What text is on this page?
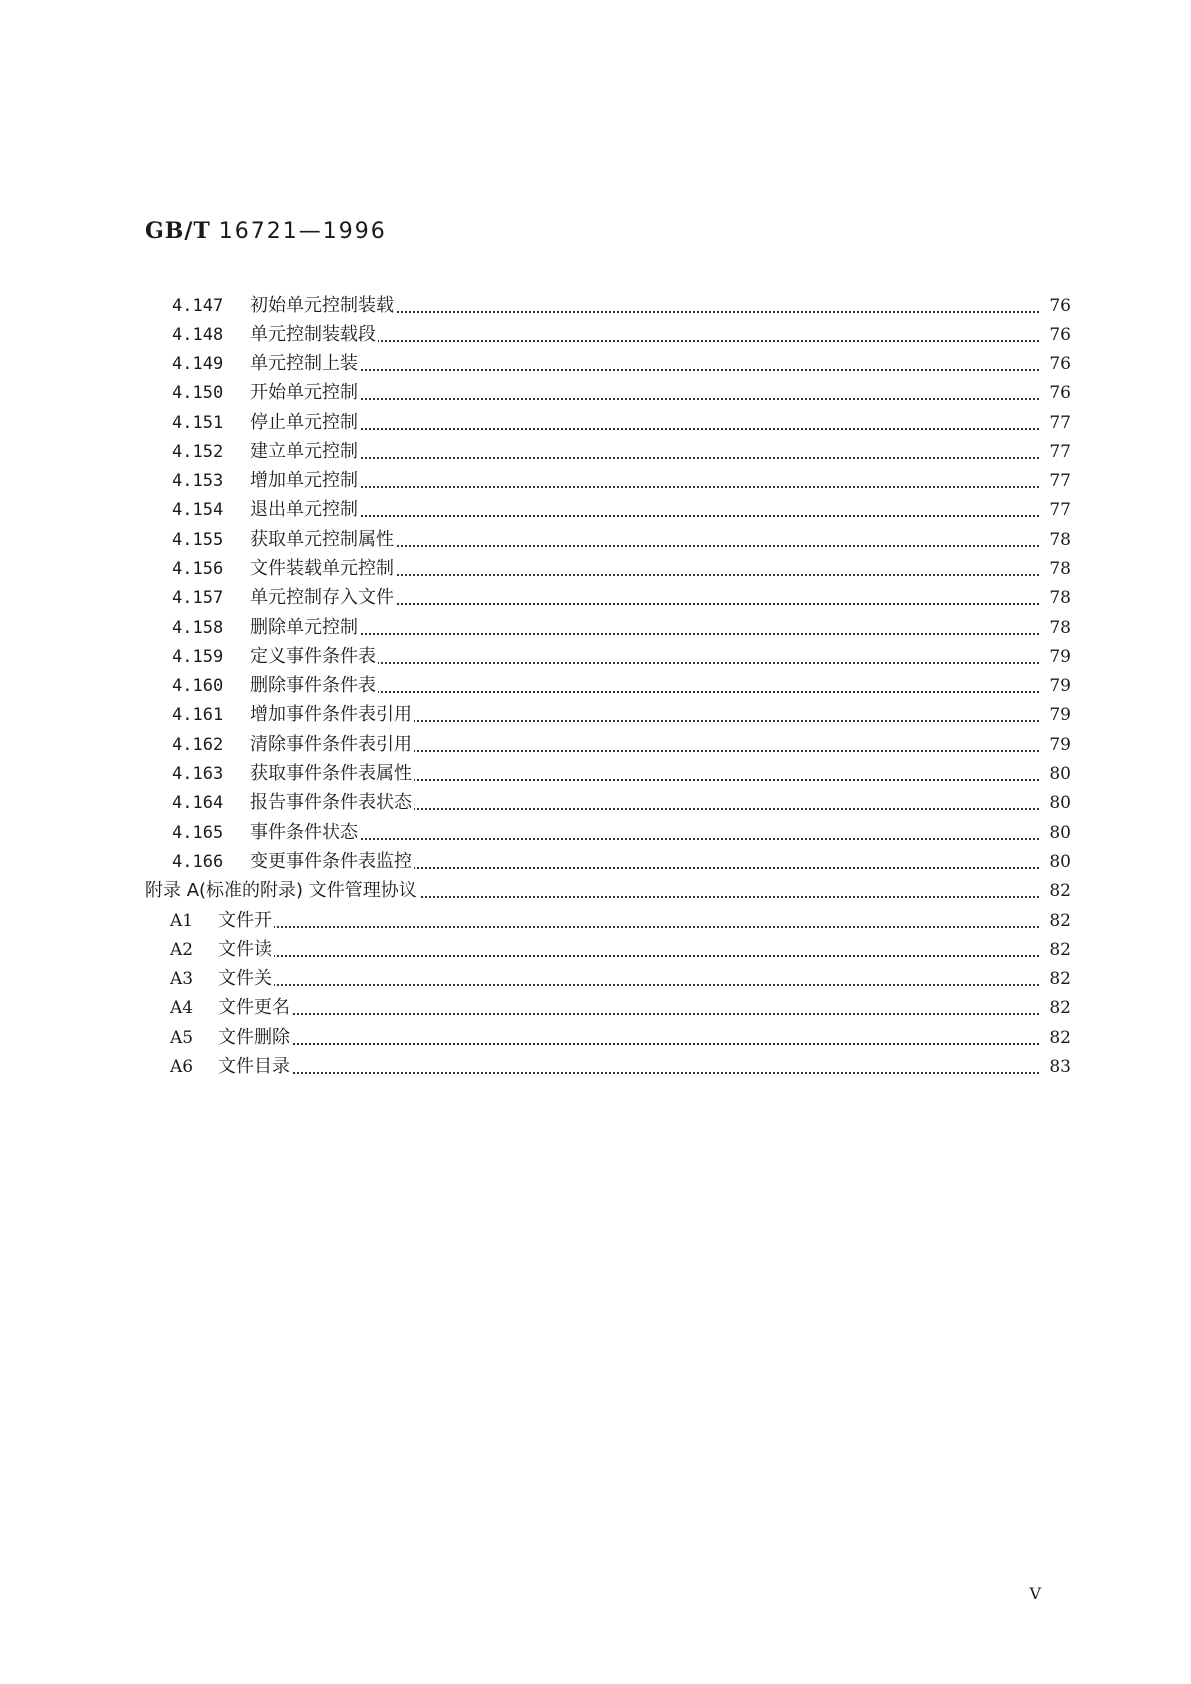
GB/T 16721—1996
4.147 初始单元控制装载	76
4.148 单元控制装载段	76
4.149 单元控制上装	76
4.150 开始单元控制	76
4.151 停止单元控制	77
4.152 建立单元控制	77
4.153 增加单元控制	77
4.154 退出单元控制	77
4.155 获取单元控制属性	78
4.156 文件装载单元控制	78
4.157 单元控制存入文件	78
4.158 删除单元控制	78
4.159 定义事件条件表	79
4.160 删除事件条件表	79
4.161 增加事件条件表引用	79
4.162 清除事件条件表引用	79
4.163 获取事件条件表属性	80
4.164 报告事件条件表状态	80
4.165 事件条件状态	80
4.166 变更事件条件表监控	80
附录 A(标准的附录) 文件管理协议	82
A1 文件开	82
A2 文件读	82
A3 文件关	82
A4 文件更名	82
A5 文件删除	82
A6 文件目录	83
V
